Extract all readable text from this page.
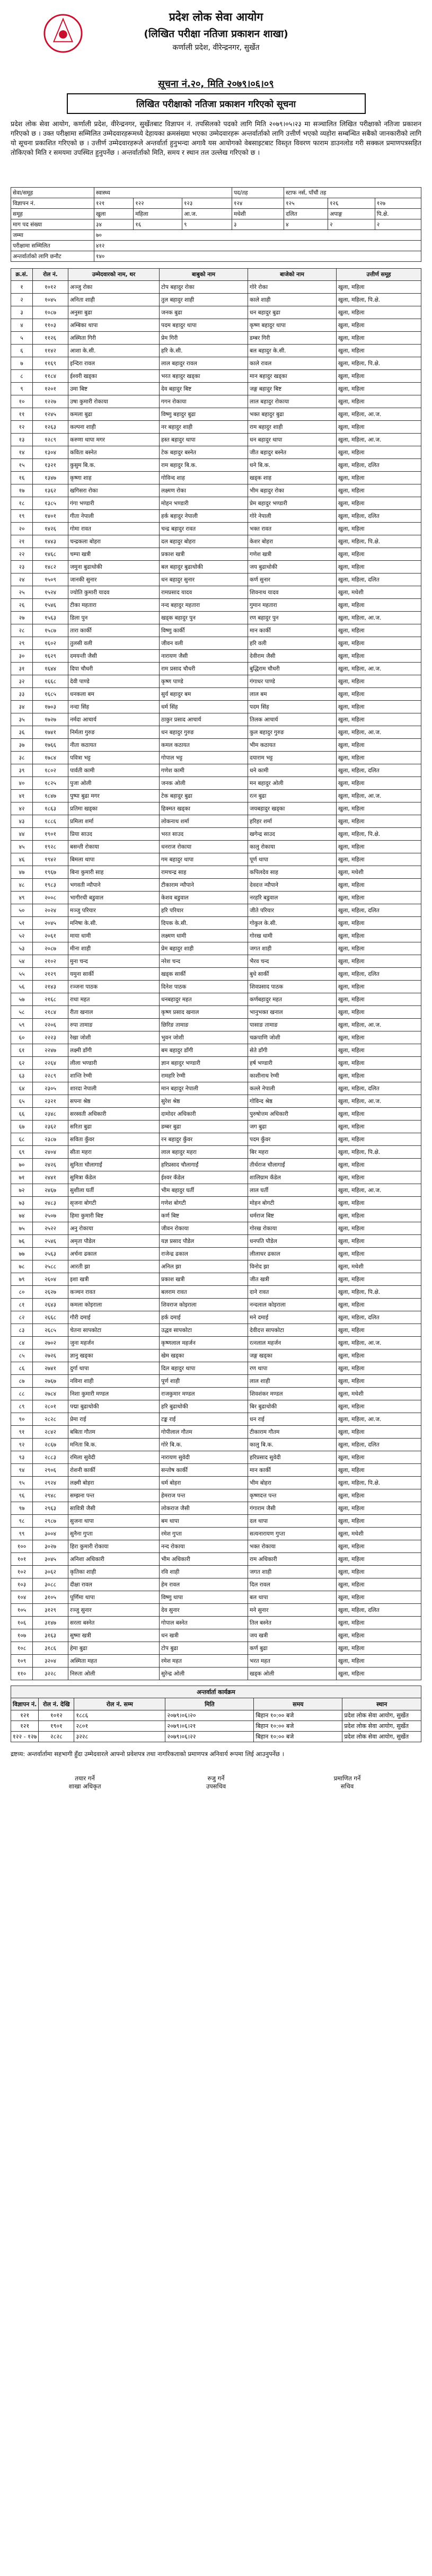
प्रदेश लोक सेवा आयोग
(लिखित परीक्षा नतिजा प्रकाशन शाखा)
कर्णाली प्रदेश, वीरेन्द्रनगर, सुर्खेत
सूचना नं.२०, मिति २०७९।०६।०९
लिखित परीक्षाको नतिजा प्रकाशन गरिएको सूचना
प्रदेश लोक सेवा आयोग, कर्णाली प्रदेश, वीरेन्द्रनगर, सुर्खेतबाट विज्ञापन नं. तपसिलको पदको लागि मिति २०७९।०५।२३ मा सञ्चालित लिखित परीक्षाको नतिजा प्रकाशन गरिएको छ । उक्त परीक्षामा सम्मिलित उम्मेदवारहरूमध्ये देहायका क्रमसंख्या भएका उम्मेदवारहरू अन्तर्वार्ताको लागि उत्तीर्ण भएको व्यहोरा सम्बन्धित सबैको जानकारीको लागि यो सूचना प्रकाशित गरिएको छ । उत्तीर्ण उम्मेदवारहरूले अन्तर्वार्ता हुनुभन्दा अगावै यस आयोगको वेबसाइटबाट विस्तृत विवरण फाराम डाउनलोड गरी सक्कल प्रमाणपत्रसहित तोकिएको मिति र समयमा उपस्थित हुनुपर्नेछ । अन्तर्वार्ताको मिति, समय र स्थान तल उल्लेख गरिएको छ ।
सेवा/समूह	स्वास्थ्य			पद/तह	स्टाफ नर्स, पाँचौं तह		
विज्ञापन नं.	१२१	१२२	१२३	१२४	१२५	१२६	१२७
समूह	खुला	महिला	आ.ज.	मधेशी	दलित	अपाङ्ग	पि.क्षे.
माग पद संख्या	३४	१६	९	३	४	२	२
जम्मा	७०						
परीक्षामा सम्मिलित	४१२						
अन्तर्वार्ताको लागि छनौट	१४०						
क्र.सं.	रोल नं.	उम्मेदवारको नाम, थर	बाबुको नाम	बाजेको नाम	उत्तीर्ण समूह
१	१०१२	अञ्जु रोका	टोप बहादुर रोका	गोरे रोका	खुला, महिला
२	१०४५	अनिता शाही	तुल बहादुर शाही	काले शाही	खुला, महिला, पि.क्षे.
३	१०८७	अनुसा बुढा	जनक बुढा	धन बहादुर बुढा	खुला, महिला
४	११०३	अम्बिका थापा	पदम बहादुर थापा	कृष्ण बहादुर थापा	खुला, महिला
५	११२६	अस्मिता गिरी	प्रेम गिरी	डम्बर गिरी	खुला, महिला
६	११४२	आशा के.सी.	हरि के.सी.	बल बहादुर के.सी.	खुला, महिला
७	११६९	इन्दिरा रावल	लाल बहादुर रावल	काले रावल	खुला, महिला, पि.क्षे.
८	११८४	ईश्वरी खड्का	भरत बहादुर खड्का	मान बहादुर खड्का	खुला, महिला
९	१२०१	उमा बिष्ट	देव बहादुर बिष्ट	जङ्ग बहादुर बिष्ट	खुला, महिला
१०	१२२७	उषा कुमारी रोकाया	गगन रोकाया	लाल बहादुर रोकाया	खुला, महिला
११	१२४५	कमला बुढा	विष्णु बहादुर बुढा	भक्त बहादुर बुढा	खुला, महिला, आ.ज.
१२	१२६३	कल्पना शाही	नर बहादुर शाही	राम बहादुर शाही	खुला, महिला
१३	१२८९	करुणा थापा मगर	हस्त बहादुर थापा	धन बहादुर थापा	खुला, महिला, आ.ज.
१४	१३०४	कविता बस्नेत	टेक बहादुर बस्नेत	जीत बहादुर बस्नेत	खुला, महिला
१५	१३२१	कुसुम बि.क.	राम बहादुर बि.क.	धने बि.क.	खुला, महिला, दलित
१६	१३४७	कृष्णा शाह	गोविन्द शाह	खड्क शाह	खुला, महिला
१७	१३६२	खगिसरा रोका	लक्ष्मण रोका	भीम बहादुर रोका	खुला, महिला
१८	१३८५	गंगा भण्डारी	मोहन भण्डारी	प्रेम बहादुर भण्डारी	खुला, महिला
१९	१४०१	गीता नेपाली	हर्क बहादुर नेपाली	गोरे नेपाली	खुला, महिला, दलित
२०	१४२६	गोमा रावत	चन्द्र बहादुर रावत	भक्त रावत	खुला, महिला
२१	१४४३	चन्द्रकला बोहरा	दल बहादुर बोहरा	केशर बोहरा	खुला, महिला, पि.क्षे.
२२	१४६८	चम्पा खत्री	प्रकाश खत्री	गणेश खत्री	खुला, महिला
२३	१४८२	जमुना बुढाथोकी	बल बहादुर बुढाथोकी	जय बुढाथोकी	खुला, महिला
२४	१५०९	जानकी सुनार	धन बहादुर सुनार	कर्ण सुनार	खुला, महिला, दलित
२५	१५२४	ज्योति कुमारी यादव	रामप्रसाद यादव	शिवनाथ यादव	खुला, मधेशी
२६	१५४६	टीका महतारा	नन्द बहादुर महतारा	गुमान महतारा	खुला, महिला
२७	१५६३	डिला पुन	खड्क बहादुर पुन	रण बहादुर पुन	खुला, महिला, आ.ज.
२८	१५८७	तारा कार्की	विष्णु कार्की	मान कार्की	खुला, महिला
२९	१६०२	तुलसी वली	जीवन वली	हरि वली	खुला, महिला
३०	१६२९	दमयन्ती जैसी	नारायण जैसी	देवीराम जैसी	खुला, महिला
३१	१६४४	दिपा चौधरी	राम प्रसाद चौधरी	बुद्धिराम चौधरी	खुला, महिला, आ.ज.
३२	१६६८	देवी पाण्डे	कृष्ण पाण्डे	गंगाधर पाण्डे	खुला, महिला
३३	१६८५	धनकला बम	सुर्य बहादुर बम	लाल बम	खुला, महिला
३४	१७०३	नन्दा सिंह	धर्म सिंह	पदम सिंह	खुला, महिला
३५	१७२७	नर्मदा आचार्य	ठाकुर प्रसाद आचार्य	तिलक आचार्य	खुला, महिला
३६	१७४१	निर्मला गुरुङ	धन बहादुर गुरुङ	कुल बहादुर गुरुङ	खुला, महिला, आ.ज.
३७	१७६६	नीता कठायत	कमल कठायत	भीम कठायत	खुला, महिला
३८	१७८४	पवित्रा भट्ट	गोपाल भट्ट	दयाराम भट्ट	खुला, महिला
३९	१८०२	पार्वती कामी	गणेश कामी	धने कामी	खुला, महिला, दलित
४०	१८२५	पुजा ओली	जनक ओली	मन बहादुर ओली	खुला, महिला
४१	१८४७	पुष्पा बुढा मगर	टेक बहादुर बुढा	रत्न बुढा	खुला, महिला, आ.ज.
४२	१८६३	प्रतिमा खड्का	हिक्मत खड्का	जयबहादुर खड्का	खुला, महिला
४३	१८८६	प्रमिला शर्मा	लोकनाथ शर्मा	हरिहर शर्मा	खुला, महिला
४४	१९०१	प्रिया साउद	भरत साउद	खगेन्द्र साउद	खुला, महिला, पि.क्षे.
४५	१९२८	बसन्ती रोकाया	धनराज रोकाया	कालु रोकाया	खुला, महिला
४६	१९४२	बिमला थापा	गम बहादुर थापा	पूर्ण थापा	खुला, महिला
४७	१९६७	बिना कुमारी साह	रामचन्द्र साह	कपिलदेव साह	खुला, मधेशी
४८	१९८३	भगवती न्यौपाने	टीकाराम न्यौपाने	देवदत्त न्यौपाने	खुला, महिला
४९	२००८	भागीरथी बडुवाल	केशव बडुवाल	नरहरि बडुवाल	खुला, महिला
५०	२०२४	मञ्जु परियार	हरि परियार	जीते परियार	खुला, महिला, दलित
५१	२०४५	मनिषा के.सी.	दिपक के.सी.	गोकुल के.सी.	खुला, महिला
५२	२०६१	माया धामी	लक्ष्मण धामी	गोरख धामी	खुला, महिला
५३	२०८७	मीना शाही	प्रेम बहादुर शाही	जगत शाही	खुला, महिला
५४	२१०२	मुना चन्द	नरेश चन्द	भैरव चन्द	खुला, महिला
५५	२१२९	यमुना सार्की	खड्क सार्की	बुधे सार्की	खुला, महिला, दलित
५६	२१४३	रञ्जना पाठक	दिनेश पाठक	शिवप्रसाद पाठक	खुला, महिला
५७	२१६८	राधा महत	धनबहादुर महत	कर्णबहादुर महत	खुला, महिला
५८	२१८४	रीता खनाल	कृष्ण प्रसाद खनाल	भानुभक्त खनाल	खुला, महिला
५९	२२०६	रुपा तामाङ	छिरिङ तामाङ	पासाङ तामाङ	खुला, महिला, आ.ज.
६०	२२२३	रेखा जोशी	भुवन जोशी	चक्रपाणि जोशी	खुला, महिला
६१	२२४७	लक्ष्मी डाँगी	बम बहादुर डाँगी	सेते डाँगी	खुला, महिला
६२	२२६४	लीला भण्डारी	ज्ञान बहादुर भण्डारी	हर्ष भण्डारी	खुला, महिला
६३	२२८९	शान्ति रेग्मी	रामहरि रेग्मी	काशीनाथ रेग्मी	खुला, महिला
६४	२३०५	शारदा नेपाली	मान बहादुर नेपाली	कल्ले नेपाली	खुला, महिला, दलित
६५	२३२१	सपना श्रेष्ठ	सुरेश श्रेष्ठ	गोविन्द श्रेष्ठ	खुला, महिला, आ.ज.
६६	२३४८	सरस्वती अधिकारी	दामोदर अधिकारी	पुरुषोत्तम अधिकारी	खुला, महिला
६७	२३६२	सरिता बुढा	डम्बर बुढा	जग बुढा	खुला, महिला
६८	२३८७	सविता कुँवर	रन बहादुर कुँवर	पदम कुँवर	खुला, महिला
६९	२४०४	सीता महरा	लाल बहादुर महरा	बिर महरा	खुला, महिला, पि.क्षे.
७०	२४२६	सुनिता चौलागाईं	हरिप्रसाद चौलागाईं	तीर्थराज चौलागाईं	खुला, महिला
७१	२४४१	सुमित्रा कँडेल	ईश्वर कँडेल	शालिग्राम कँडेल	खुला, महिला
७२	२४६७	सुशीला घर्ती	भीम बहादुर घर्ती	लाल घर्ती	खुला, महिला, आ.ज.
७३	२४८३	सृजना बोगटी	गणेश बोगटी	मोहन बोगटी	खुला, महिला
७४	२५०७	हिमा कुमारी बिष्ट	कर्ण बिष्ट	धर्मराज बिष्ट	खुला, महिला
७५	२५२२	अनु रोकाया	जीवन रोकाया	गोरख रोकाया	खुला, महिला
७६	२५४६	अमृता पौडेल	यज्ञ प्रसाद पौडेल	धनपति पौडेल	खुला, महिला
७७	२५६३	अर्चना ढकाल	राजेन्द्र ढकाल	लीलाधर ढकाल	खुला, महिला
७८	२५८८	आरती झा	अनिल झा	विनोद झा	खुला, मधेशी
७९	२६०४	इशा खत्री	प्रकाश खत्री	जीत खत्री	खुला, महिला
८०	२६२७	कञ्चन रावत	बलराम रावत	दाने रावत	खुला, महिला, पि.क्षे.
८१	२६४३	कमला कोइराला	शिवराज कोइराला	नन्दलाल कोइराला	खुला, महिला
८२	२६६८	गौरी दमाई	हर्क दमाई	मने दमाई	खुला, महिला, दलित
८३	२६८५	चेतना सापकोटा	उद्धव सापकोटा	देवीदत्त सापकोटा	खुला, महिला
८४	२७०२	जुना महर्जन	कृष्णलाल महर्जन	रत्नलाल महर्जन	खुला, महिला, आ.ज.
८५	२७२६	ज्ञानु खड्का	खेम खड्का	जङ्ग खड्का	खुला, महिला
८६	२७४१	दुर्गा थापा	दिल बहादुर थापा	रण थापा	खुला, महिला
८७	२७६७	नविना शाही	पूर्ण शाही	लाल शाही	खुला, महिला
८८	२७८४	निशा कुमारी मण्डल	राजकुमार मण्डल	शिवशंकर मण्डल	खुला, मधेशी
८९	२८०१	पद्मा बुढाथोकी	हरि बुढाथोकी	बिर बुढाथोकी	खुला, महिला
९०	२८२८	प्रेमा राई	टङ्क राई	धन राई	खुला, महिला, आ.ज.
९१	२८४२	बबिता गौतम	गोपीलाल गौतम	टीकाराम गौतम	खुला, महिला
९२	२८६७	मनिता बि.क.	गोरे बि.क.	कालु बि.क.	खुला, महिला, दलित
९३	२८८३	रमिला सुवेदी	नारायण सुवेदी	हरिप्रसाद सुवेदी	खुला, महिला
९४	२९०६	रोशनी कार्की	सन्तोष कार्की	मान कार्की	खुला, महिला
९५	२९२४	लक्ष्मी बोहरा	धर्म बोहरा	भीम बोहरा	खुला, महिला, पि.क्षे.
९६	२९४८	सम्झना पन्त	हेमराज पन्त	कृष्णदत्त पन्त	खुला, महिला
९७	२९६३	सावित्री जैसी	लोकराज जैसी	गंगाराम जैसी	खुला, महिला
९८	२९८७	सुजना थापा	बम थापा	दल थापा	खुला, महिला
९९	३००४	सुनैना गुप्ता	रमेश गुप्ता	सत्यनारायण गुप्ता	खुला, मधेशी
१००	३०२७	हिरा कुमारी रोकाया	नन्द रोकाया	भक्त रोकाया	खुला, महिला
१०१	३०४५	अनिशा अधिकारी	भीम अधिकारी	राम अधिकारी	खुला, महिला
१०२	३०६२	कृतिका शाही	रवि शाही	जगत शाही	खुला, महिला
१०३	३०८८	दीक्षा रावल	हेम रावल	दिल रावल	खुला, महिला
१०४	३१०५	पूर्णिमा थापा	विष्णु थापा	बल थापा	खुला, महिला
१०५	३१२९	रञ्जु सुनार	देव सुनार	मने सुनार	खुला, महिला, दलित
१०६	३१४७	सरला बस्नेत	गोपाल बस्नेत	तिल बस्नेत	खुला, महिला
१०७	३१६३	सुष्मा खत्री	धन खत्री	जय खत्री	खुला, महिला
१०८	३१८६	हेमा बुढा	टोप बुढा	कर्ण बुढा	खुला, महिला
१०९	३२०४	अस्मिता महत	रमेश महत	भरत महत	खुला, महिला
११०	३२२८	निरुता ओली	सुरेन्द्र ओली	खड्क ओली	खुला, महिला
अन्तर्वार्ता कार्यक्रम					
विज्ञापन नं.	रोल नं. देखि	रोल नं. सम्म	मिति	समय	स्थान
१२१	१०१२	१८८६	२०७९।०६।२०	बिहान १०:०० बजे	प्रदेश लोक सेवा आयोग, सुर्खेत
१२१	१९०१	२८०१	२०७९।०६।२१	बिहान १०:०० बजे	प्रदेश लोक सेवा आयोग, सुर्खेत
१२२ - १२७	२८२८	३२२८	२०७९।०६।२२	बिहान १०:०० बजे	प्रदेश लोक सेवा आयोग, सुर्खेत
द्रष्टव्य: अन्तर्वार्तामा सहभागी हुँदा उम्मेदवारले आफ्नो प्रवेशपत्र तथा नागरिकताको प्रमाणपत्र अनिवार्य रूपमा लिई आउनुपर्नेछ ।
तयार गर्ने
शाखा अधिकृत
रुजु गर्ने
उपसचिव
प्रमाणित गर्ने
सचिव
